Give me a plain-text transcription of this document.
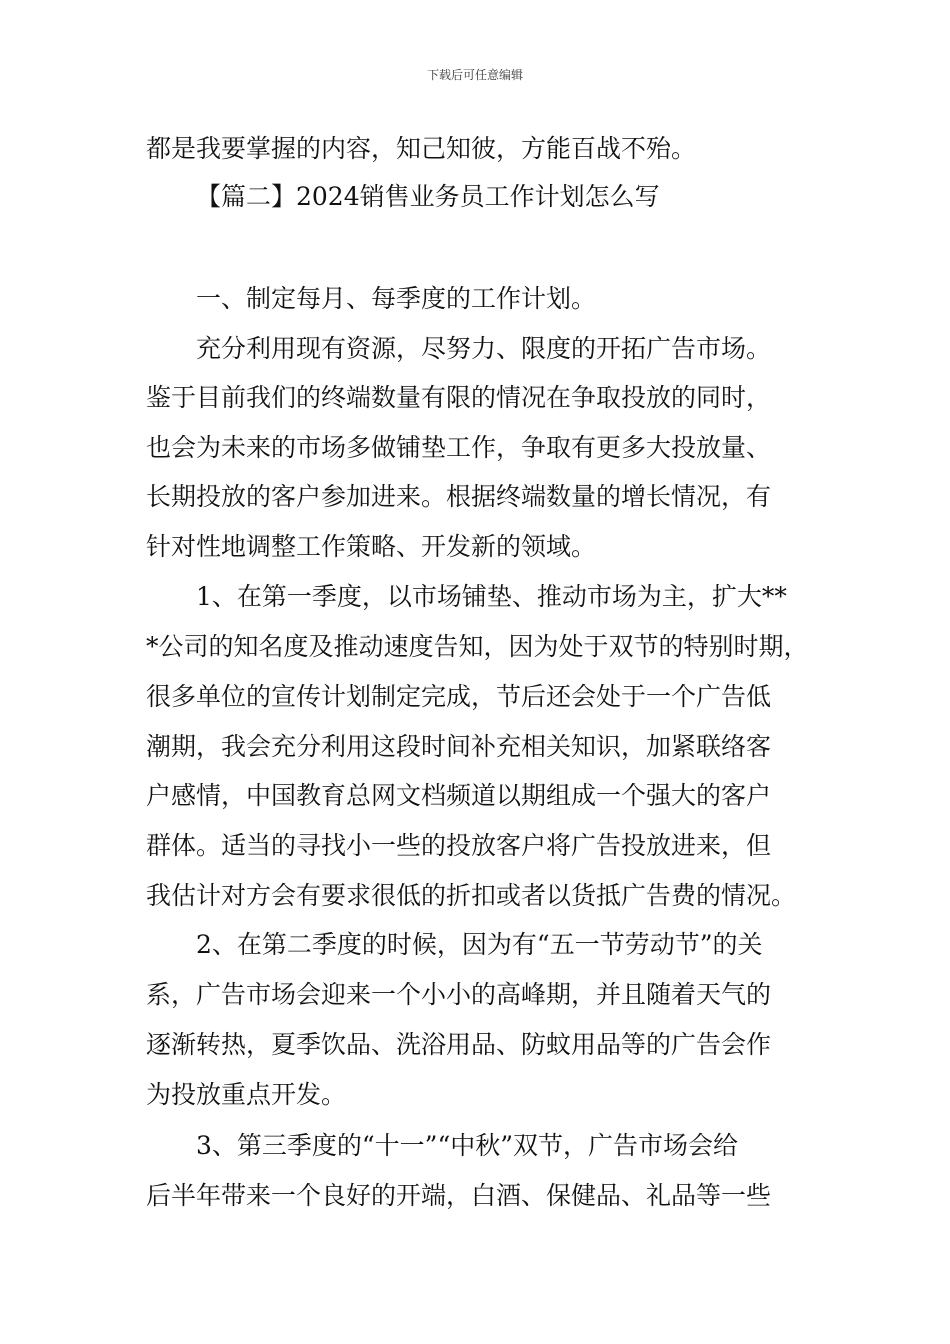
下载后可任意编辑
都是我要掌握的内容，知己知彼，方能百战不殆。
【篇二】2024销售业务员工作计划怎么写
一、制定每月、每季度的工作计划。
充分利用现有资源，尽努力、限度的开拓广告市场。
鉴于目前我们的终端数量有限的情况在争取投放的同时，
也会为未来的市场多做铺垫工作，争取有更多大投放量、
长期投放的客户参加进来。根据终端数量的增长情况，有
针对性地调整工作策略、开发新的领域。
1、在第一季度，以市场铺垫、推动市场为主，扩大**
*公司的知名度及推动速度告知，因为处于双节的特别时期，
很多单位的宣传计划制定完成，节后还会处于一个广告低
潮期，我会充分利用这段时间补充相关知识，加紧联络客
户感情，中国教育总网文档频道以期组成一个强大的客户
群体。适当的寻找小一些的投放客户将广告投放进来，但
我估计对方会有要求很低的折扣或者以货抵广告费的情况。
2、在第二季度的时候，因为有“五一节劳动节”的关
系，广告市场会迎来一个小小的高峰期，并且随着天气的
逐渐转热，夏季饮品、洗浴用品、防蚊用品等的广告会作
为投放重点开发。
3、第三季度的“十一”“中秋”双节，广告市场会给
后半年带来一个良好的开端，白酒、保健品、礼品等一些
